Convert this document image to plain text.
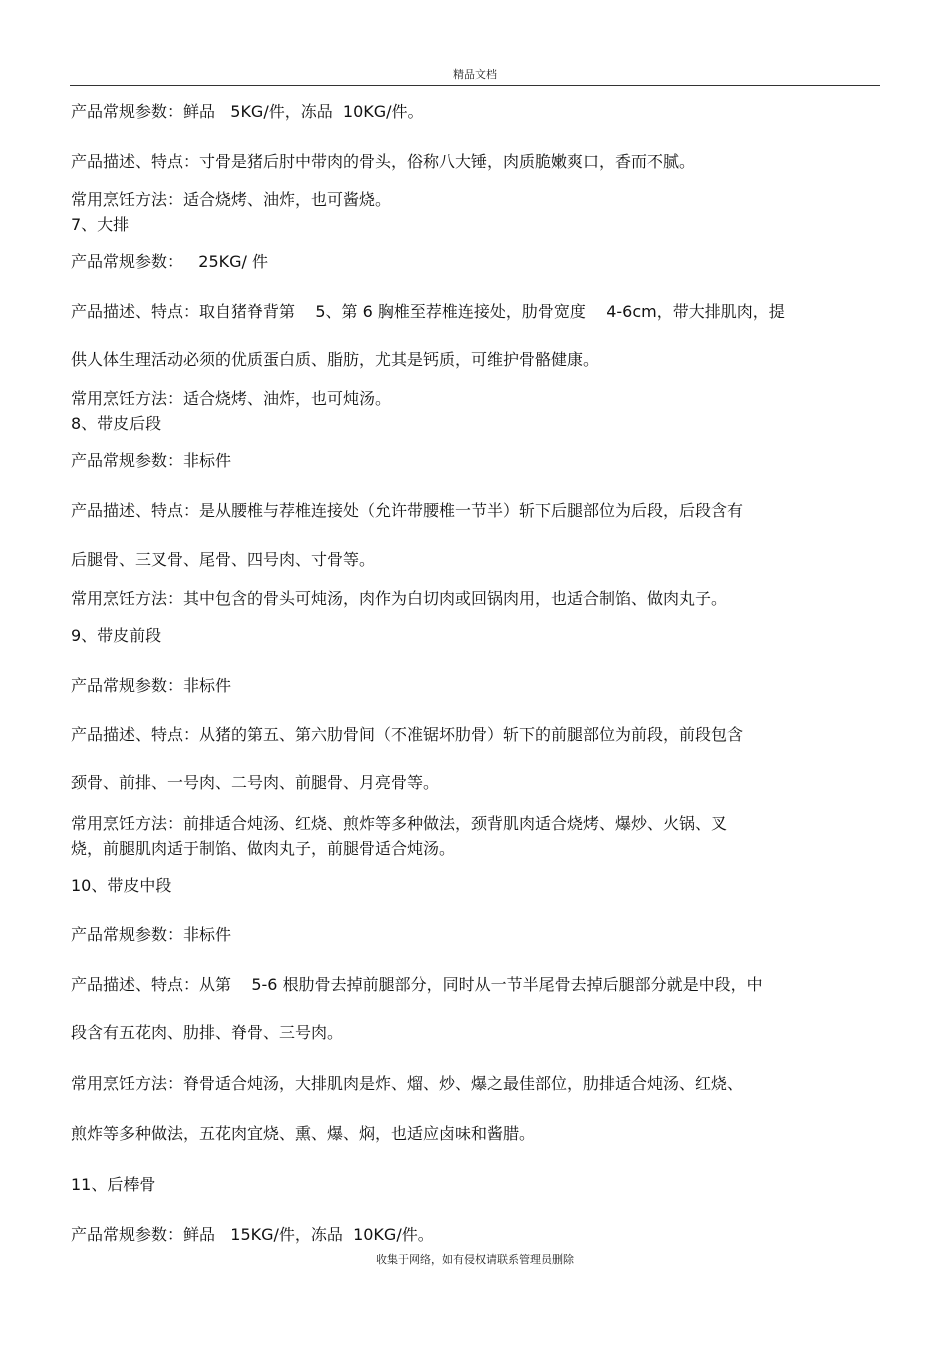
精品文档
产品常规参数：鲜品   5KG/件，冻品  10KG/件。
产品描述、特点：寸骨是猪后肘中带肉的骨头，俗称八大锤，肉质脆嫩爽口，香而不腻。
常用烹饪方法：适合烧烤、油炸，也可酱烧。
7、大排
产品常规参数：   25KG/ 件
产品描述、特点：取自猪脊背第    5、第 6 胸椎至荐椎连接处，肋骨宽度    4-6cm，带大排肌肉，提
供人体生理活动必须的优质蛋白质、脂肪，尤其是钙质，可维护骨骼健康。
常用烹饪方法：适合烧烤、油炸，也可炖汤。
8、带皮后段
产品常规参数：非标件
产品描述、特点：是从腰椎与荐椎连接处（允许带腰椎一节半）斩下后腿部位为后段，后段含有
后腿骨、三叉骨、尾骨、四号肉、寸骨等。
常用烹饪方法：其中包含的骨头可炖汤，肉作为白切肉或回锅肉用，也适合制馅、做肉丸子。
9、带皮前段
产品常规参数：非标件
产品描述、特点：从猪的第五、第六肋骨间（不准锯坏肋骨）斩下的前腿部位为前段，前段包含
颈骨、前排、一号肉、二号肉、前腿骨、月亮骨等。
常用烹饪方法：前排适合炖汤、红烧、煎炸等多种做法，颈背肌肉适合烧烤、爆炒、火锅、叉
烧，前腿肌肉适于制馅、做肉丸子，前腿骨适合炖汤。
10、带皮中段
产品常规参数：非标件
产品描述、特点：从第    5-6 根肋骨去掉前腿部分，同时从一节半尾骨去掉后腿部分就是中段，中
段含有五花肉、肋排、脊骨、三号肉。
常用烹饪方法：脊骨适合炖汤，大排肌肉是炸、熘、炒、爆之最佳部位，肋排适合炖汤、红烧、
煎炸等多种做法，五花肉宜烧、熏、爆、焖，也适应卤味和酱腊。
11、后棒骨
产品常规参数：鲜品   15KG/件，冻品  10KG/件。
收集于网络，如有侵权请联系管理员删除
